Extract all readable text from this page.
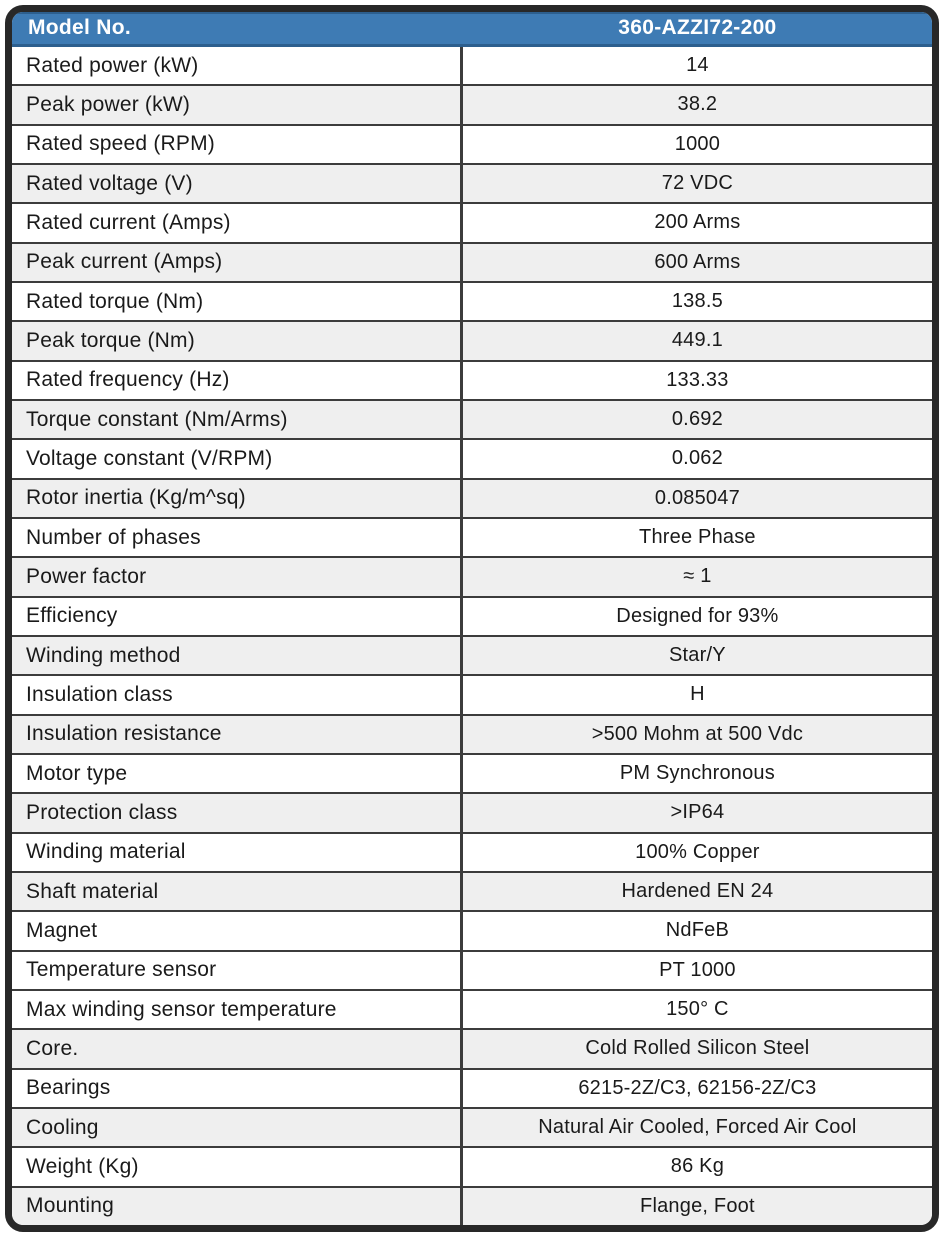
Model No.	360-AZZI72-200
Rated power (kW)	14
Peak power (kW)	38.2
Rated speed (RPM)	1000
Rated voltage (V)	72 VDC
Rated current (Amps)	200 Arms
Peak current (Amps)	600 Arms
Rated torque (Nm)	138.5
Peak torque (Nm)	449.1
Rated frequency (Hz)	133.33
Torque constant (Nm/Arms)	0.692
Voltage constant (V/RPM)	0.062
Rotor inertia (Kg/m^sq)	0.085047
Number of phases	Three Phase
Power factor	≈ 1
Efficiency	Designed for 93%
Winding method	Star/Y
Insulation class	H
Insulation resistance	>500 Mohm at 500 Vdc
Motor type	PM Synchronous
Protection class	>IP64
Winding material	100% Copper
Shaft material	Hardened EN 24
Magnet	NdFeB
Temperature sensor	PT 1000
Max winding sensor temperature	150° C
Core.	Cold Rolled Silicon Steel
Bearings	6215-2Z/C3, 62156-2Z/C3
Cooling	Natural Air Cooled, Forced Air Cool
Weight (Kg)	86 Kg
Mounting	Flange, Foot
